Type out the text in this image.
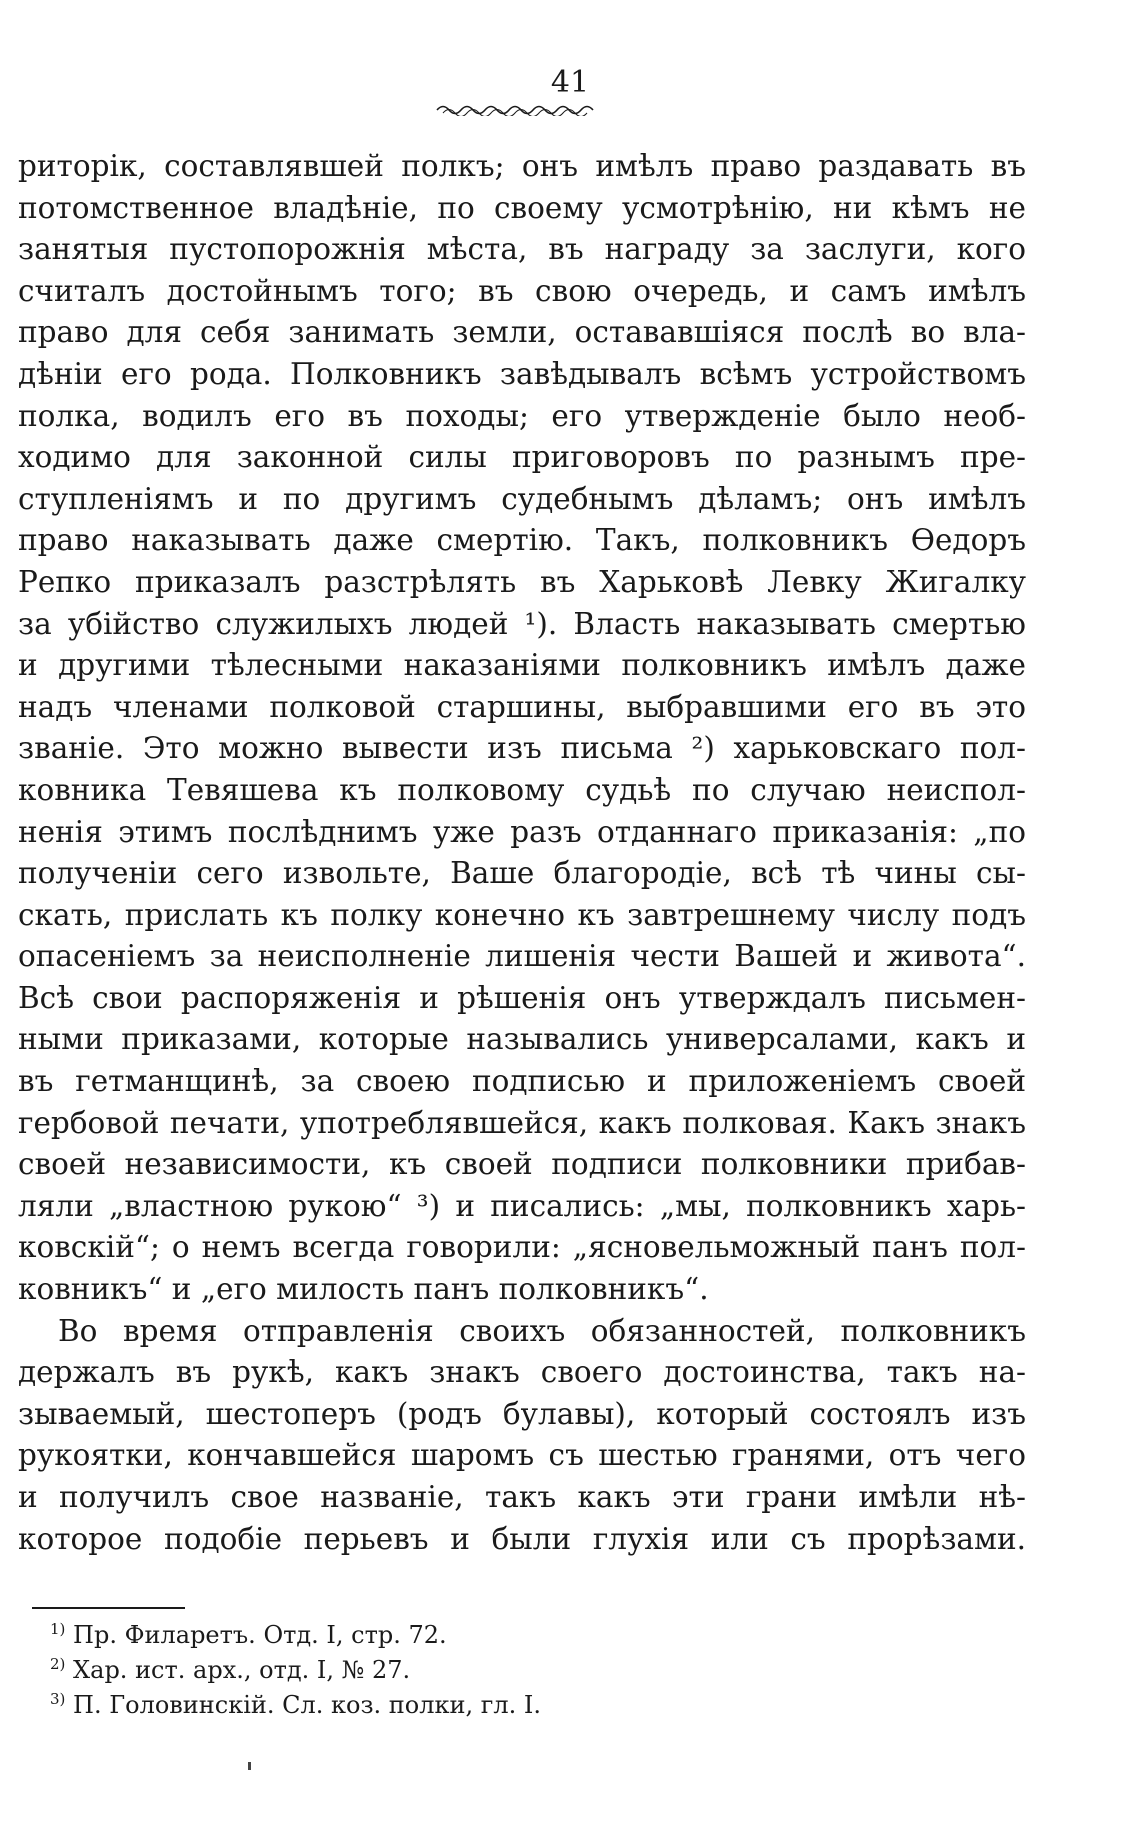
41
риторік, составлявшей полкъ; онъ имѣлъ право раздавать въ
потомственное владѣніе, по своему усмотрѣнію, ни кѣмъ не
занятыя пустопорожнія мѣста, въ награду за заслуги, кого
считалъ достойнымъ того; въ свою очередь, и самъ имѣлъ
право для себя занимать земли, остававшіяся послѣ во вла-
дѣніи его рода. Полковникъ завѣдывалъ всѣмъ устройствомъ
полка, водилъ его въ походы; его утвержденіе было необ-
ходимо для законной силы приговоровъ по разнымъ пре-
ступленіямъ и по другимъ судебнымъ дѣламъ; онъ имѣлъ
право наказывать даже смертію. Такъ, полковникъ Ѳедоръ
Репко приказалъ разстрѣлять въ Харьковѣ Левку Жигалку
за убійство служилыхъ людей ¹). Власть наказывать смертью
и другими тѣлесными наказаніями полковникъ имѣлъ даже
надъ членами полковой старшины, выбравшими его въ это
званіе. Это можно вывести изъ письма ²) харьковскаго пол-
ковника Тевяшева къ полковому судьѣ по случаю неиспол-
ненія этимъ послѣднимъ уже разъ отданнаго приказанія: „по
полученіи сего извольте, Ваше благородіе, всѣ тѣ чины сы-
скать, прислать къ полку конечно къ завтрешнему числу подъ
опасеніемъ за неисполненіе лишенія чести Вашей и живота“.
Всѣ свои распоряженія и рѣшенія онъ утверждалъ письмен-
ными приказами, которые назывались универсалами, какъ и
въ гетманщинѣ, за своею подписью и приложеніемъ своей
гербовой печати, употреблявшейся, какъ полковая. Какъ знакъ
своей независимости, къ своей подписи полковники прибав-
ляли „властною рукою“ ³) и писались: „мы, полковникъ харь-
ковскій“; о немъ всегда говорили: „ясновельможный панъ пол-
ковникъ“ и „его милость панъ полковникъ“.
Во время отправленія своихъ обязанностей, полковникъ
держалъ въ рукѣ, какъ знакъ своего достоинства, такъ на-
зываемый, шестоперъ (родъ булавы), который состоялъ изъ
рукоятки, кончавшейся шаромъ съ шестью гранями, отъ чего
и получилъ свое названіе, такъ какъ эти грани имѣли нѣ-
которое подобіе перьевъ и были глухія или съ прорѣзами.
$^{1)}$ Пр. Филаретъ. Отд. I, стр. 72.
$^{2)}$ Хар. ист. арх., отд. I, № 27.
$^{3)}$ П. Головинскій. Сл. коз. полки, гл. I.
